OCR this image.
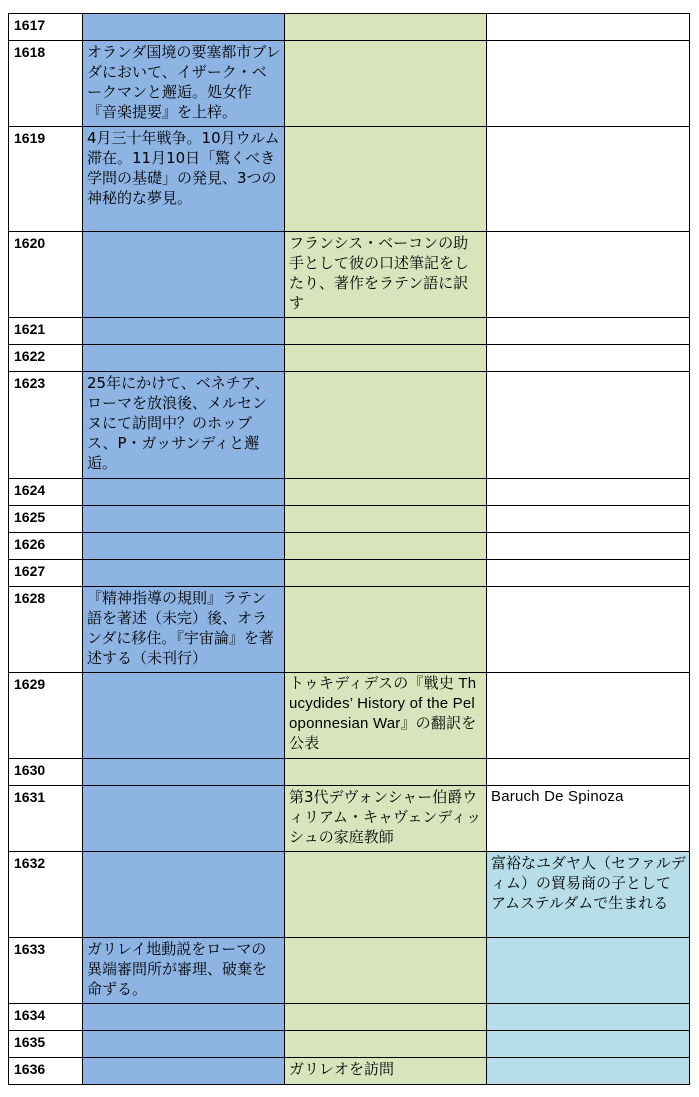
1617			
1618	オランダ国境の要塞都市ブレダにおいて、イザーク・ベークマンと邂逅。処女作『音楽提要』を上梓。		
1619	4月三十年戦争。10月ウルム滞在。11月10日「驚くべき学問の基礎」の発見、3つの神秘的な夢見。		
1620		フランシス・ベーコンの助手として彼の口述筆記をしたり、著作をラテン語に訳す	
1621			
1622			
1623	25年にかけて、ベネチア、ローマを放浪後、メルセンヌにて訪問中？のホッブス、P・ガッサンディと邂逅。		
1624			
1625			
1626			
1627			
1628	『精神指導の規則』ラテン語を著述（未完）後、オランダに移住。『宇宙論』を著述する（未刊行）		
1629		トゥキディデスの『戦史 Thucydides’ History of the Peloponnesian War』の翻訳を公表	
1630			
1631		第3代デヴォンシャー伯爵ウィリアム・キャヴェンディッシュの家庭教師	Baruch De Spinoza
1632			富裕なユダヤ人（セファルディム）の貿易商の子としてアムステルダムで生まれる
1633	ガリレイ地動説をローマの異端審問所が審理、破棄を命ずる。		
1634			
1635			
1636		ガリレオを訪問	
